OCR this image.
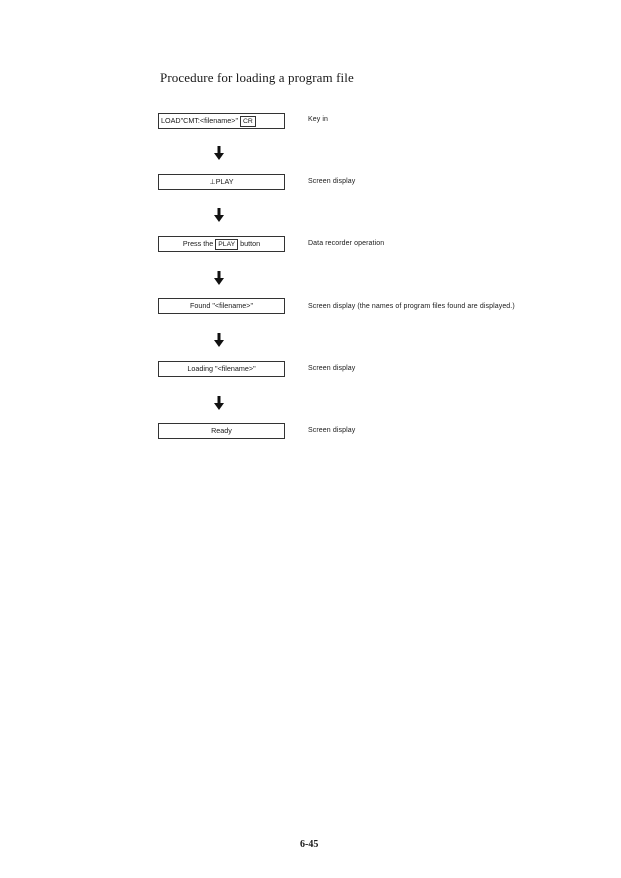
Procedure for loading a program file
LOAD"CMT:<filename>" CR	Key in
⊥PLAY	Screen display
Press the PLAY button	Data recorder operation
Found "<filename>"	Screen display (the names of program files found are displayed.)
Loading "<filename>"	Screen display
Ready	Screen display
6-45
